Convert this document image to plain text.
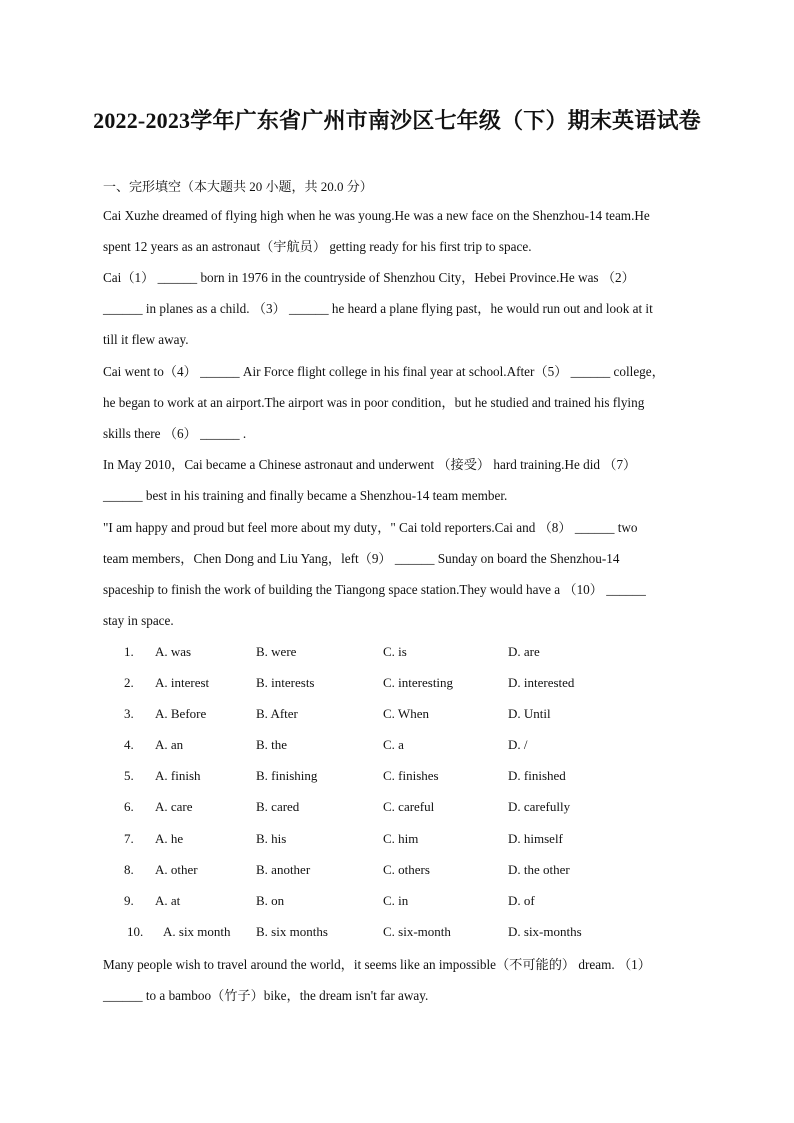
2022-2023学年广东省广州市南沙区七年级（下）期末英语试卷
一、完形填空（本大题共 20 小题，共 20.0 分）
Cai Xuzhe dreamed of flying high when he was young.He was a new face on the Shenzhou-14 team.He
spent 12 years as an astronaut（宇航员） getting ready for his first trip to space.
Cai（1） ______ born in 1976 in the countryside of Shenzhou City，Hebei Province.He was （2）
______ in planes as a child. （3） ______ he heard a plane flying past，he would run out and look at it
till it flew away.
Cai went to（4） ______ Air Force flight college in his final year at school.After（5） ______ college，
he began to work at an airport.The airport was in poor condition，but he studied and trained his flying
skills there （6） ______ .
In May 2010，Cai became a Chinese astronaut and underwent （接受） hard training.He did （7）
______ best in his training and finally became a Shenzhou-14 team member.
"I am happy and proud but feel more about my duty，" Cai told reporters.Cai and （8） ______ two
team members，Chen Dong and Liu Yang，left（9） ______ Sunday on board the Shenzhou-14
spaceship to finish the work of building the Tiangong space station.They would have a （10） ______
stay in space.
1. A. was	B. were	C. is	D. are
2. A. interest	B. interests	C. interesting	D. interested
3. A. Before	B. After	C. When	D. Until
4. A. an	B. the	C. a	D. /
5. A. finish	B. finishing	C. finishes	D. finished
6. A. care	B. cared	C. careful	D. carefully
7. A. he	B. his	C. him	D. himself
8. A. other	B. another	C. others	D. the other
9. A. at	B. on	C. in	D. of
10. A. six month B. six months	C. six-month	D. six-months
Many people wish to travel around the world，it seems like an impossible（不可能的） dream. （1）
______ to a bamboo（竹子）bike，the dream isn't far away.
